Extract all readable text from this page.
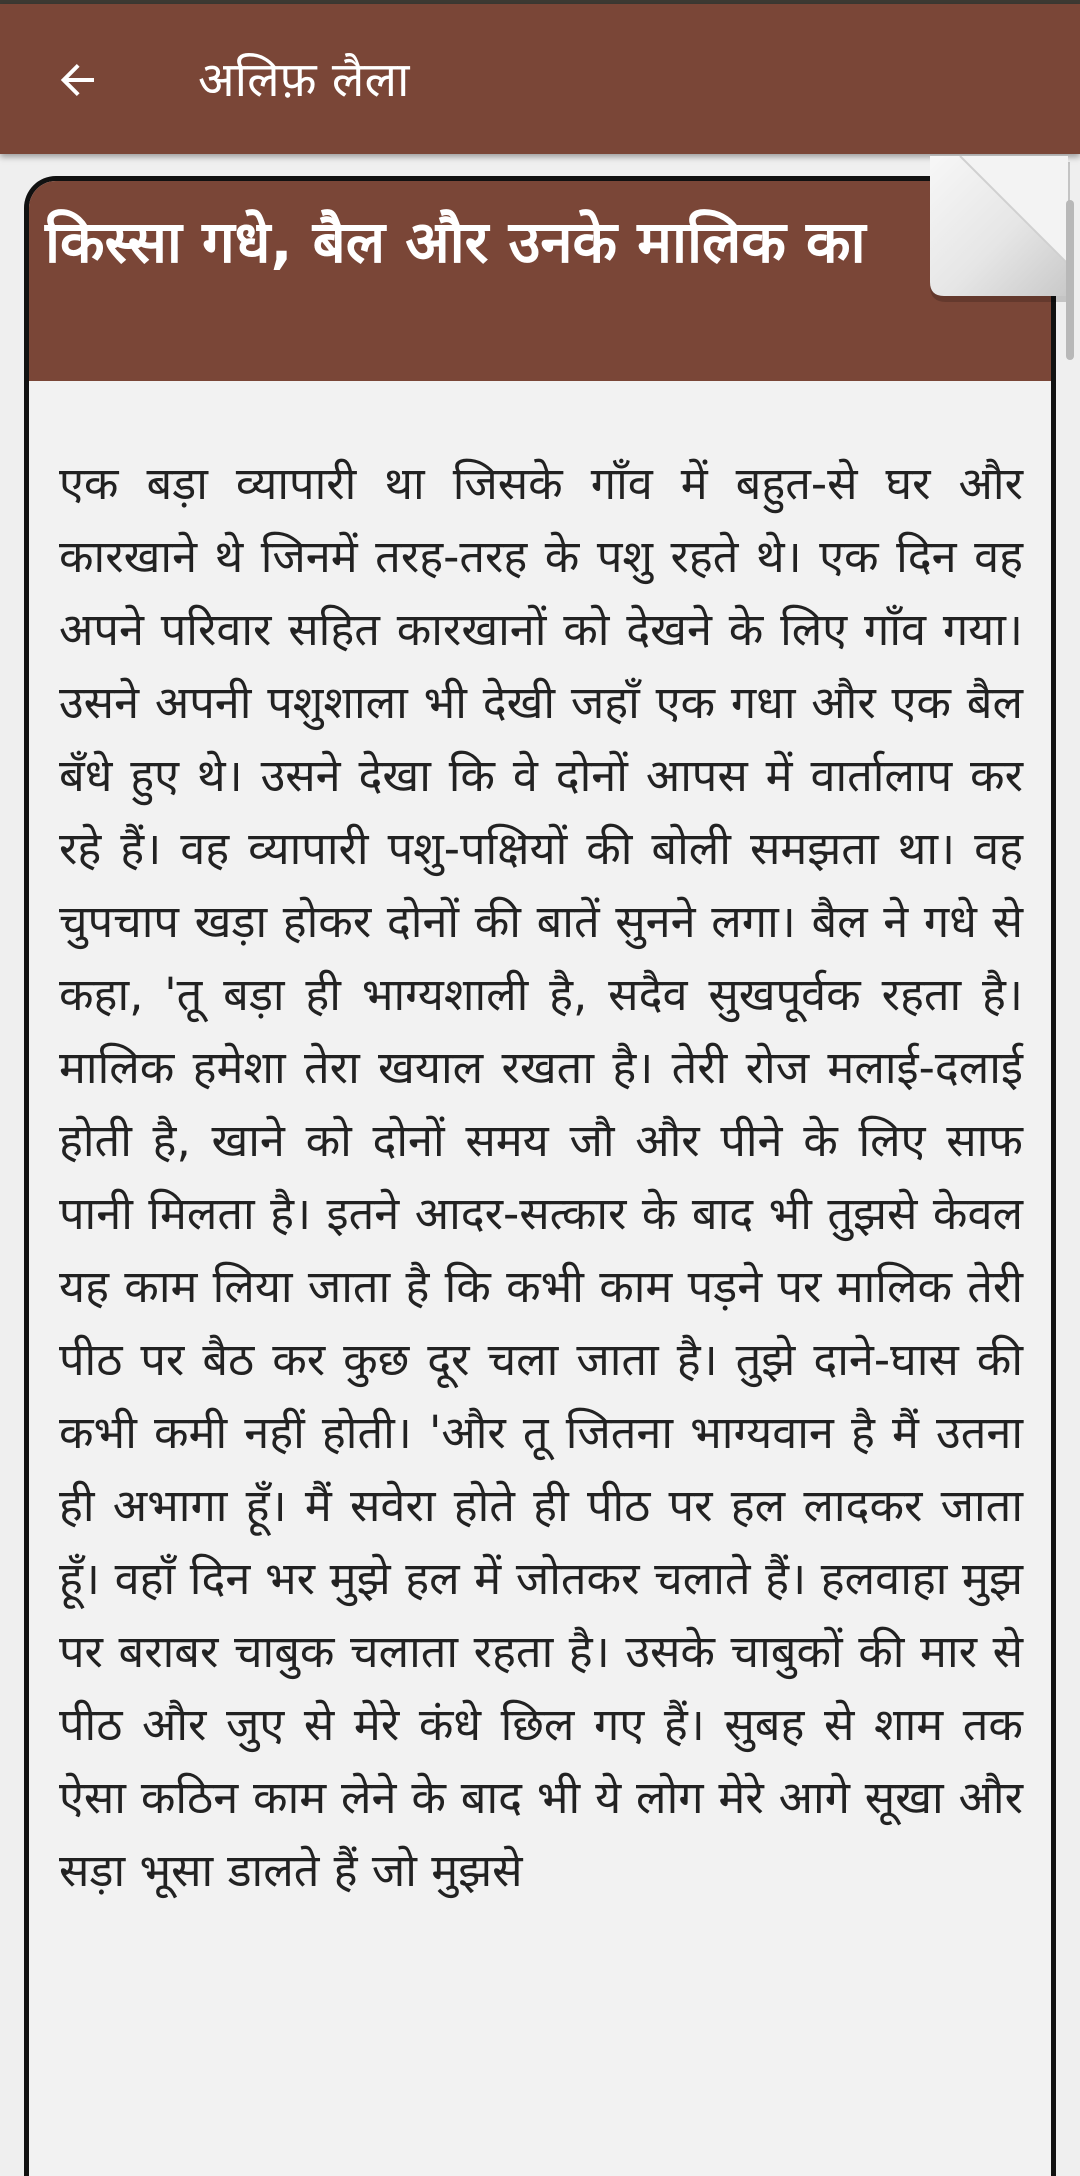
अलिफ़ लैला
किस्सा गधे, बैल और उनके मालिक का

एक बड़ा व्यापारी था जिसके गाँव में बहुत-से घर और कारखाने थे जिनमें तरह-तरह के पशु रहते थे। एक दिन वह अपने परिवार सहित कारखानों को देखने के लिए गाँव गया। उसने अपनी पशुशाला भी देखी जहाँ एक गधा और एक बैल बँधे हुए थे। उसने देखा कि वे दोनों आपस में वार्तालाप कर रहे हैं। वह व्यापारी पशु-पक्षियों की बोली समझता था। वह चुपचाप खड़ा होकर दोनों की बातें सुनने लगा। बैल ने गधे से कहा, 'तू बड़ा ही भाग्यशाली है, सदैव सुखपूर्वक रहता है। मालिक हमेशा तेरा खयाल रखता है। तेरी रोज मलाई-दलाई होती है, खाने को दोनों समय जौ और पीने के लिए साफ पानी मिलता है। इतने आदर-सत्कार के बाद भी तुझसे केवल यह काम लिया जाता है कि कभी काम पड़ने पर मालिक तेरी पीठ पर बैठ कर कुछ दूर चला जाता है। तुझे दाने-घास की कभी कमी नहीं होती। 'और तू जितना भाग्यवान है मैं उतना ही अभागा हूँ। मैं सवेरा होते ही पीठ पर हल लादकर जाता हूँ। वहाँ दिन भर मुझे हल में जोतकर चलाते हैं। हलवाहा मुझ पर बराबर चाबुक चलाता रहता है। उसके चाबुकों की मार से पीठ और जुए से मेरे कंधे छिल गए हैं। सुबह से शाम तक ऐसा कठिन काम लेने के बाद भी ये लोग मेरे आगे सूखा और सड़ा भूसा डालते हैं जो मुझसे
